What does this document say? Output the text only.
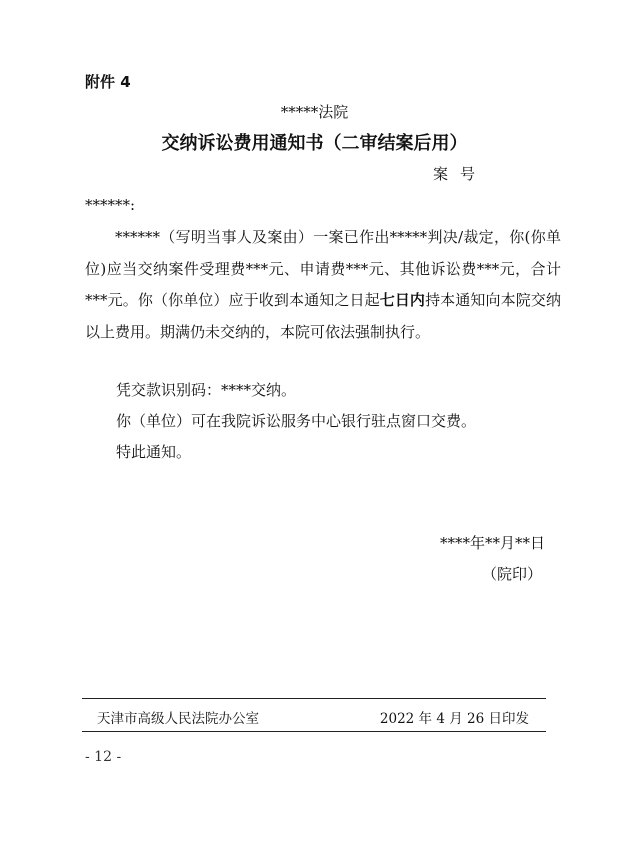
附件 4
*****法院
交纳诉讼费用通知书（二审结案后用）
案号
******:

******（写明当事人及案由）一案已作出*****判决/裁定，你(你单位)应当交纳案件受理费***元、申请费***元、其他诉讼费***元，合计***元。你（你单位）应于收到本通知之日起七日内持本通知向本院交纳以上费用。期满仍未交纳的，本院可依法强制执行。

凭交款识别码：****交纳。
你（单位）可在我院诉讼服务中心银行驻点窗口交费。
特此通知。
****年**月**日
（院印）
天津市高级人民法院办公室	2022 年 4 月 26 日印发
- 12 -
